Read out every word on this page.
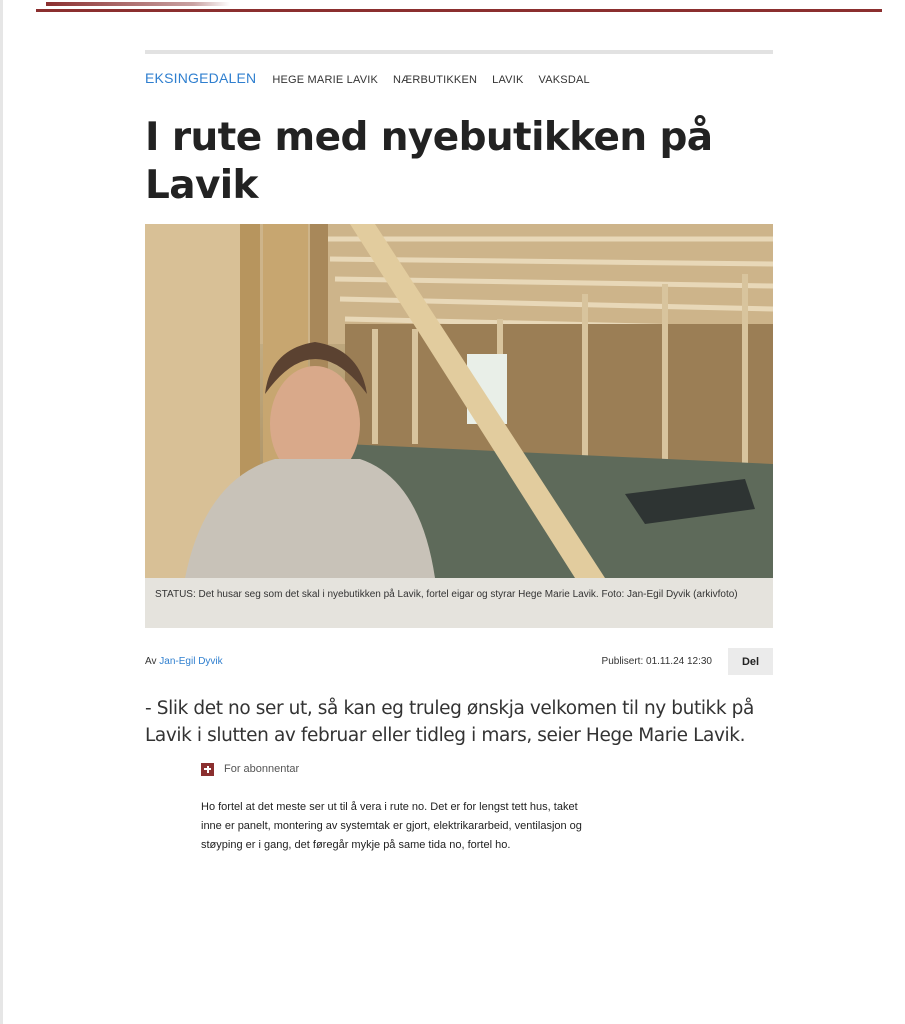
EKSINGEDALEN HEGE MARIE LAVIK NÆRBUTIKKEN LAVIK VAKSDAL
I rute med nyebutikken på Lavik
STATUS: Det husar seg som det skal i nyebutikken på Lavik, fortel eigar og styrar Hege Marie Lavik. Foto: Jan-Egil Dyvik (arkivfoto)
Av Jan-Egil Dyvik	Publisert: 01.11.24 12:30	Del

- Slik det no ser ut, så kan eg truleg ønskja velkomen til ny butikk på Lavik i slutten av februar eller tidleg i mars, seier Hege Marie Lavik.

For abonnentar

Ho fortel at det meste ser ut til å vera i rute no. Det er for lengst tett hus, taket inne er panelt, montering av systemtak er gjort, elektrikararbeid, ventilasjon og støyping er i gang, det føregår mykje på same tida no, fortel ho.
